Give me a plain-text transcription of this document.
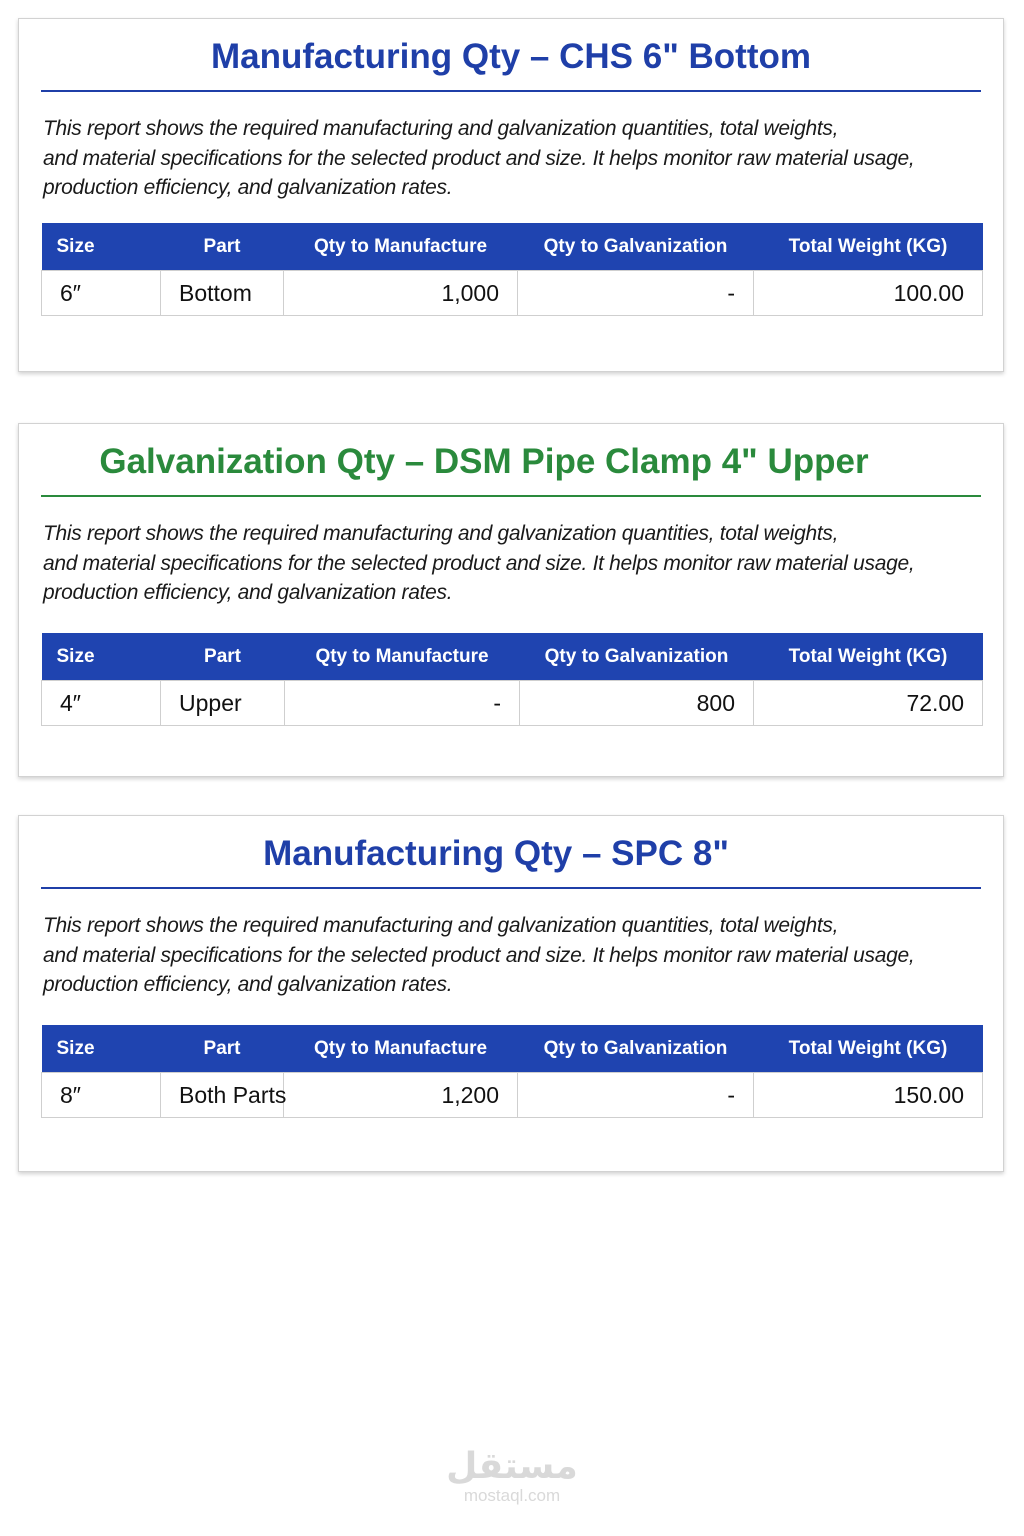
Manufacturing Qty – CHS 6" Bottom

This report shows the required manufacturing and galvanization quantities, total weights,
and material specifications for the selected product and size. It helps monitor raw material usage,
production efficiency, and galvanization rates.

Size	Part	Qty to Manufacture	Qty to Galvanization	Total Weight (KG)
6″	Bottom	1,000	-	100.00
Galvanization Qty – DSM Pipe Clamp 4" Upper

This report shows the required manufacturing and galvanization quantities, total weights,
and material specifications for the selected product and size. It helps monitor raw material usage,
production efficiency, and galvanization rates.

Size	Part	Qty to Manufacture	Qty to Galvanization	Total Weight (KG)
4″	Upper	-	800	72.00
Manufacturing Qty – SPC 8"

This report shows the required manufacturing and galvanization quantities, total weights,
and material specifications for the selected product and size. It helps monitor raw material usage,
production efficiency, and galvanization rates.

Size	Part	Qty to Manufacture	Qty to Galvanization	Total Weight (KG)
8″	Both Parts	1,200	-	150.00
مستقل
mostaql.com
